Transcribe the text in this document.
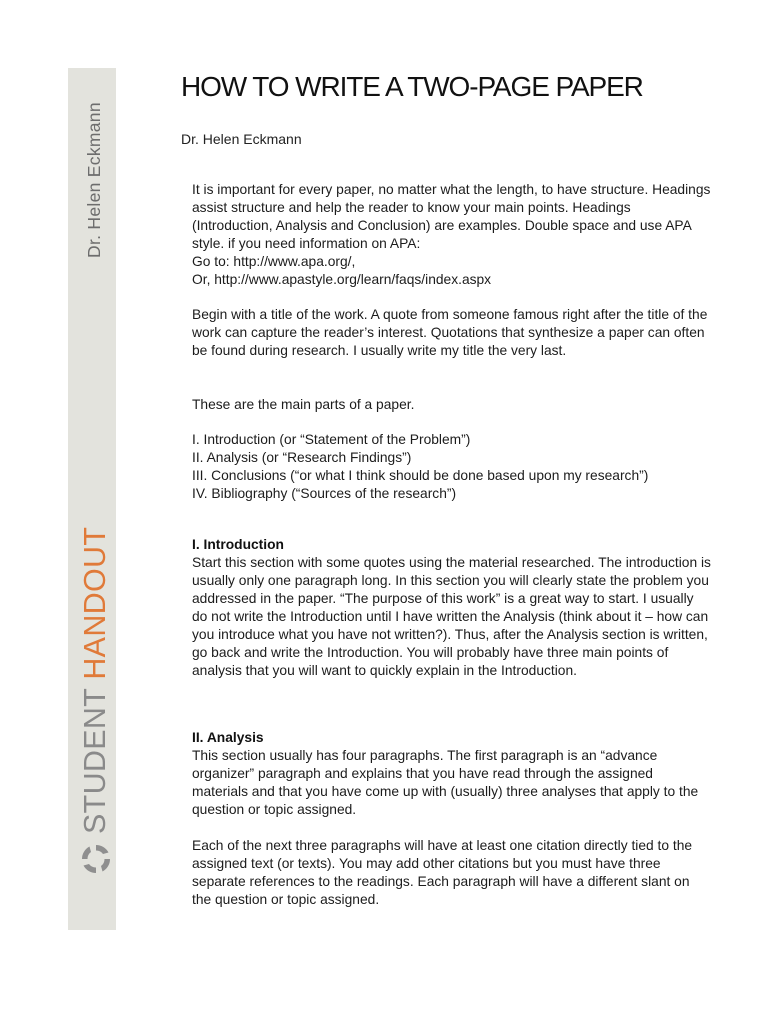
Dr. Helen Eckmann
STUDENT HANDOUT
HOW TO WRITE A TWO-PAGE PAPER
Dr. Helen Eckmann

It is important for every paper, no matter what the length, to have structure. Headings assist structure and help the reader to know your main points. Headings (Introduction, Analysis and Conclusion) are examples. Double space and use APA style. if you need information on APA:
Go to: http://www.apa.org/,
Or, http://www.apastyle.org/learn/faqs/index.aspx

Begin with a title of the work. A quote from someone famous right after the title of the work can capture the reader’s interest. Quotations that synthesize a paper can often be found during research. I usually write my title the very last.

These are the main parts of a paper.

I. Introduction (or “Statement of the Problem”)
II. Analysis (or “Research Findings”)
III. Conclusions (“or what I think should be done based upon my research”)
IV. Bibliography (“Sources of the research”)
I. Introduction

Start this section with some quotes using the material researched. The introduction is usually only one paragraph long. In this section you will clearly state the problem you addressed in the paper. “The purpose of this work” is a great way to start. I usually do not write the Introduction until I have written the Analysis (think about it – how can you introduce what you have not written?). Thus, after the Analysis section is written, go back and write the Introduction. You will probably have three main points of analysis that you will want to quickly explain in the Introduction.

II. Analysis

This section usually has four paragraphs. The first paragraph is an “advance organizer” paragraph and explains that you have read through the assigned materials and that you have come up with (usually) three analyses that apply to the question or topic assigned.

Each of the next three paragraphs will have at least one citation directly tied to the assigned text (or texts). You may add other citations but you must have three separate references to the readings. Each paragraph will have a different slant on the question or topic assigned.
